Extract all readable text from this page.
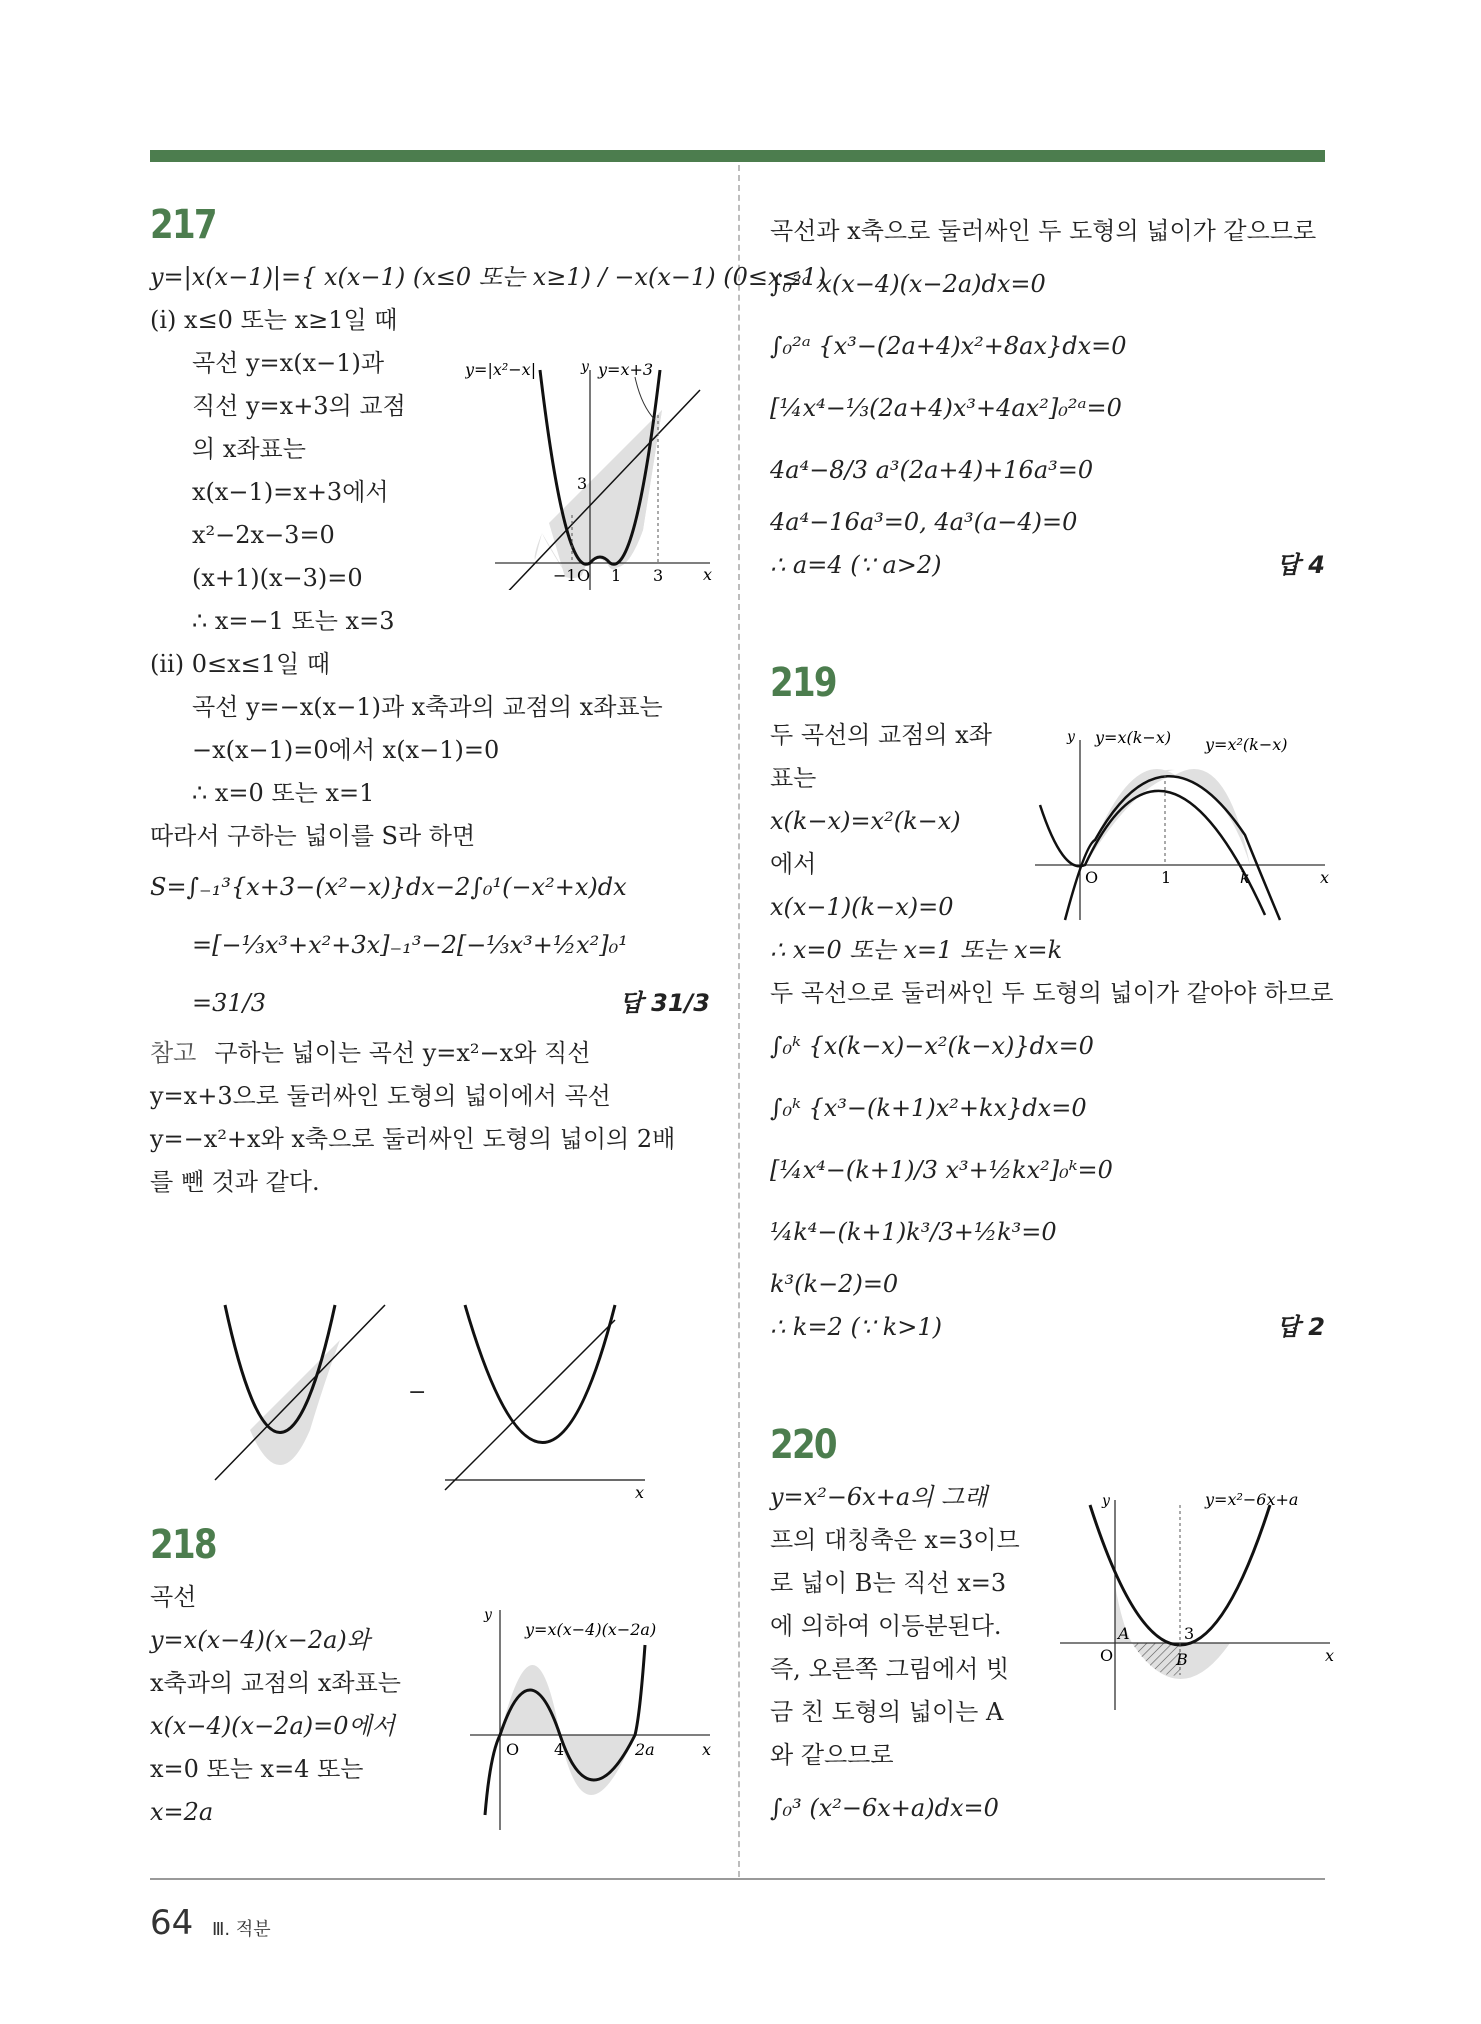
217
y=|x(x−1)|={ x(x−1) (x≤0 또는 x≥1) / −x(x−1) (0≤x≤1)
(ⅰ) x≤0 또는 x≥1일 때
곡선 y=x(x−1)과
직선 y=x+3의 교점
의 x좌표는
x(x−1)=x+3에서
x²−2x−3=0
(x+1)(x−3)=0
∴ x=−1 또는 x=3
(ⅱ) 0≤x≤1일 때
곡선 y=−x(x−1)과 x축과의 교점의 x좌표는
−x(x−1)=0에서 x(x−1)=0
∴ x=0 또는 x=1
따라서 구하는 넓이를 S라 하면
S=∫₋₁³{x+3−(x²−x)}dx−2∫₀¹(−x²+x)dx
=[−⅓x³+x²+3x]₋₁³−2[−⅓x³+½x²]₀¹
=31/3	답 31/3
참고 구하는 넓이는 곡선 y=x²−x와 직선
y=x+3으로 둘러싸인 도형의 넓이에서 곡선
y=−x²+x와 x축으로 둘러싸인 도형의 넓이의 2배
를 뺀 것과 같다.
218
곡선
y=x(x−4)(x−2a)와
x축과의 교점의 x좌표는
x(x−4)(x−2a)=0에서
x=0 또는 x=4 또는
x=2a
곡선과 x축으로 둘러싸인 두 도형의 넓이가 같으므로
∫₀²ᵃ x(x−4)(x−2a)dx=0
∫₀²ᵃ {x³−(2a+4)x²+8ax}dx=0
[¼x⁴−⅓(2a+4)x³+4ax²]₀²ᵃ=0
4a⁴−8/3 a³(2a+4)+16a³=0
4a⁴−16a³=0, 4a³(a−4)=0
∴ a=4 (∵ a>2)	답 4
219
두 곡선의 교점의 x좌
표는
x(k−x)=x²(k−x)
에서
x(x−1)(k−x)=0
∴ x=0 또는 x=1 또는 x=k
두 곡선으로 둘러싸인 두 도형의 넓이가 같아야 하므로
∫₀ᵏ {x(k−x)−x²(k−x)}dx=0
∫₀ᵏ {x³−(k+1)x²+kx}dx=0
[¼x⁴−(k+1)/3 x³+½kx²]₀ᵏ=0
¼k⁴−(k+1)k³/3+½k³=0
k³(k−2)=0
∴ k=2 (∵ k>1)	답 2
220
y=x²−6x+a의 그래
프의 대칭축은 x=3이므
로 넓이 B는 직선 x=3
에 의하여 이등분된다.
즉, 오른쪽 그림에서 빗
금 친 도형의 넓이는 A
와 같으므로
∫₀³ (x²−6x+a)dx=0
y=|x²−x|	y=x+3
y
x
O
−1 1 3
3
−
x
y=x(x−4)(x−2a)
y
x
O 4	2a
y=x(k−x) y=x²(k−x)
y
x
O	1	k
y=x²−6x+a
y
x
O
3
A
B
64 Ⅲ. 적분
